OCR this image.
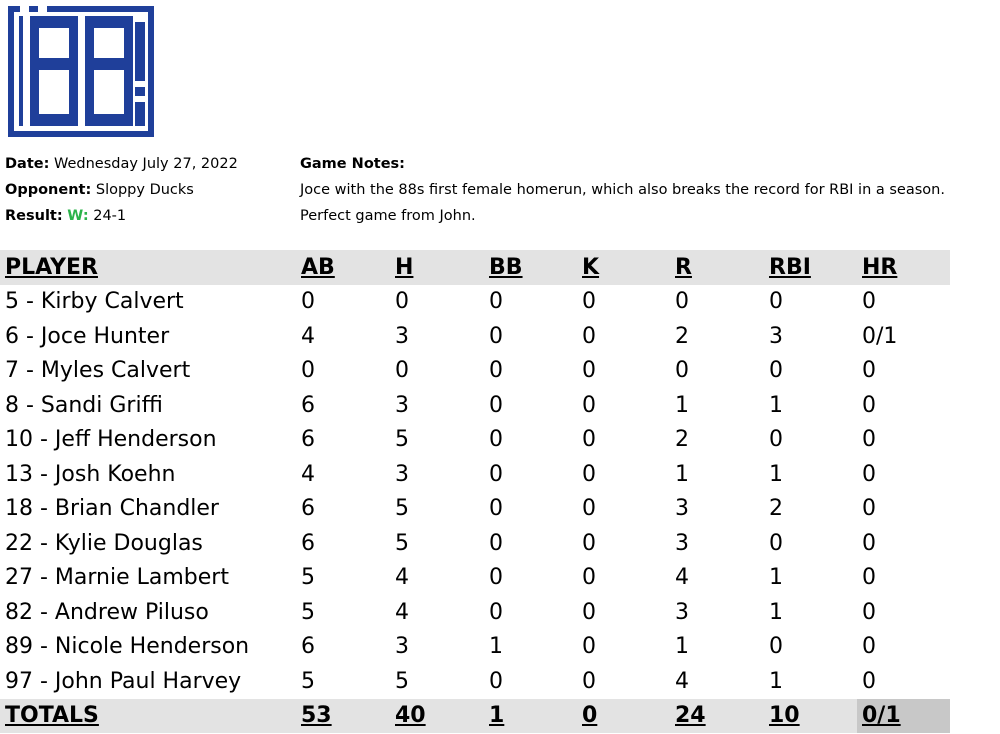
Date: Wednesday July 27, 2022
Opponent: Sloppy Ducks
Result: W: 24-1
Game Notes:
Joce with the 88s first female homerun, which also breaks the record for RBI in a season.
Perfect game from John.
PLAYER	AB	H	BB	K	R	RBI	HR
5 - Kirby Calvert	0	0	0	0	0	0	0
6 - Joce Hunter	4	3	0	0	2	3	0/1
7 - Myles Calvert	0	0	0	0	0	0	0
8 - Sandi Griffi	6	3	0	0	1	1	0
10 - Jeff Henderson	6	5	0	0	2	0	0
13 - Josh Koehn	4	3	0	0	1	1	0
18 - Brian Chandler	6	5	0	0	3	2	0
22 - Kylie Douglas	6	5	0	0	3	0	0
27 - Marnie Lambert	5	4	0	0	4	1	0
82 - Andrew Piluso	5	4	0	0	3	1	0
89 - Nicole Henderson	6	3	1	0	1	0	0
97 - John Paul Harvey	5	5	0	0	4	1	0
TOTALS	53	40	1	0	24	10	0/1
